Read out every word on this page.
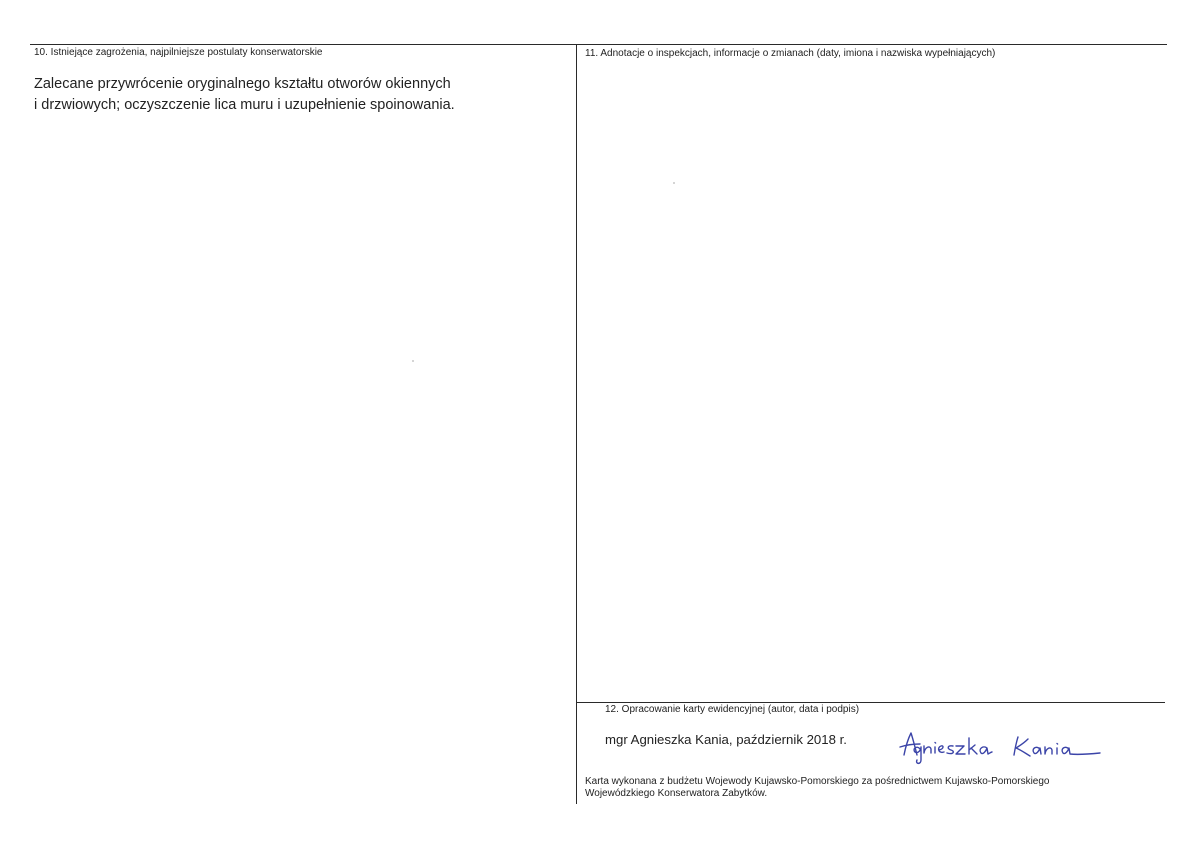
10. Istniejące zagrożenia, najpilniejsze postulaty konserwatorskie
Zalecane przywrócenie oryginalnego kształtu otworów okiennych
i drzwiowych; oczyszczenie lica muru i uzupełnienie spoinowania.
11. Adnotacje o inspekcjach, informacje o zmianach (daty, imiona i nazwiska wypełniających)
12. Opracowanie karty ewidencyjnej (autor, data i podpis)
mgr Agnieszka Kania, październik 2018 r.
Karta wykonana z budżetu Wojewody Kujawsko-Pomorskiego za pośrednictwem Kujawsko-Pomorskiego
Wojewódzkiego Konserwatora Zabytków.
